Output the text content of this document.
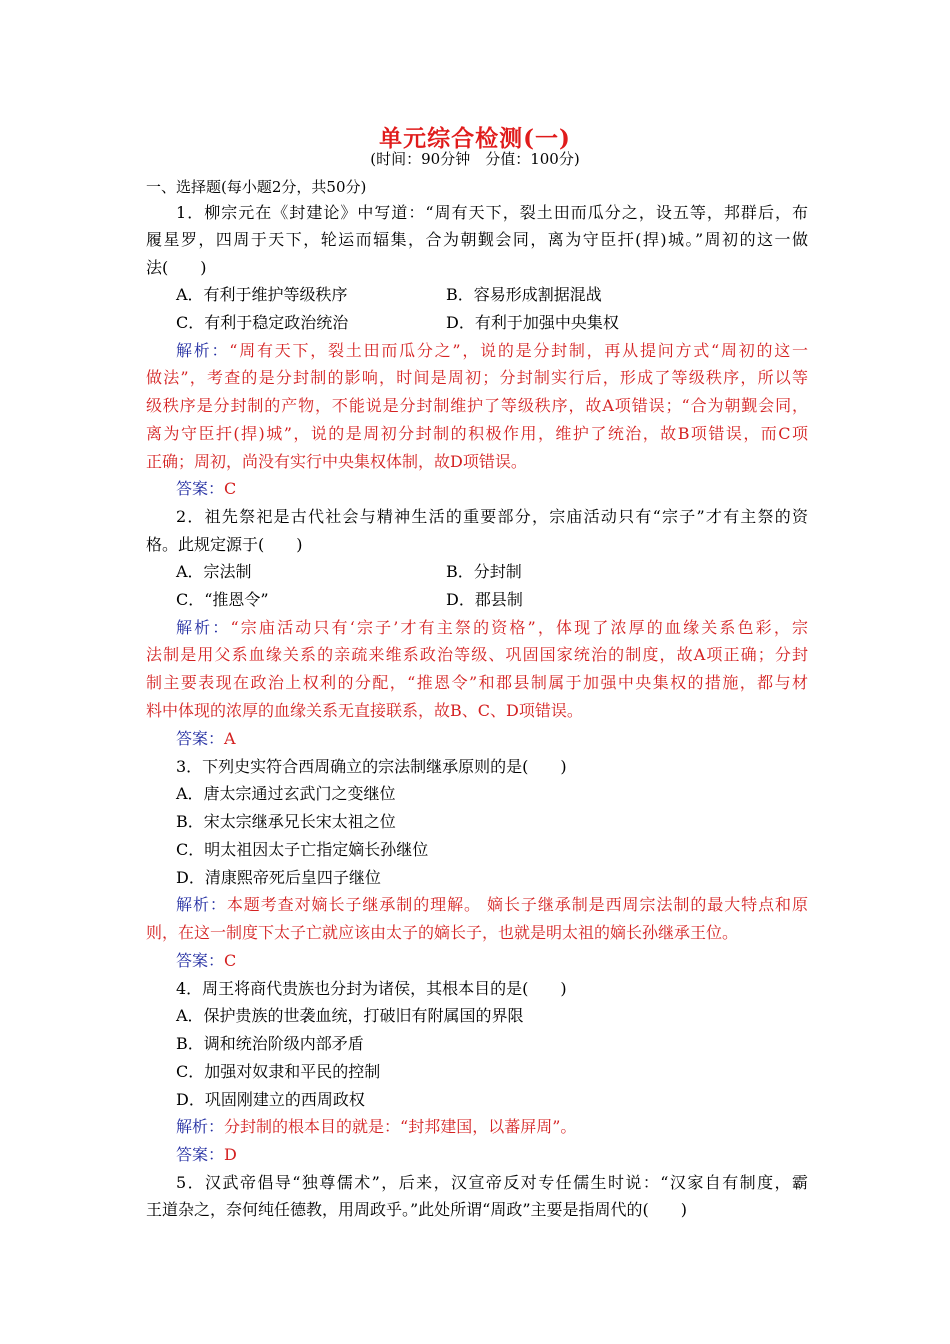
单元综合检测(一)
(时间：90分钟　分值：100分)
一、选择题(每小题2分，共50分)
1．柳宗元在《封建论》中写道：“周有天下，裂土田而瓜分之，设五等，邦群后，布
履星罗，四周于天下，轮运而辐集，合为朝觐会同，离为守臣扞(捍)城。”周初的这一做
法(　　)
A．有利于维护等级秩序	B．容易形成割据混战
C．有利于稳定政治统治	D．有利于加强中央集权
解析：“周有天下，裂土田而瓜分之”，说的是分封制，再从提问方式“周初的这一
做法”，考查的是分封制的影响，时间是周初；分封制实行后，形成了等级秩序，所以等
级秩序是分封制的产物，不能说是分封制维护了等级秩序，故A项错误；“合为朝觐会同，
离为守臣扞(捍)城”，说的是周初分封制的积极作用，维护了统治，故B项错误，而C项
正确；周初，尚没有实行中央集权体制，故D项错误。
答案：C
2．祖先祭祀是古代社会与精神生活的重要部分，宗庙活动只有“宗子”才有主祭的资
格。此规定源于(　　)
A．宗法制	B．分封制
C．“推恩令”	D．郡县制
解析：“宗庙活动只有‘宗子’才有主祭的资格”，体现了浓厚的血缘关系色彩，宗
法制是用父系血缘关系的亲疏来维系政治等级、巩固国家统治的制度，故A项正确；分封
制主要表现在政治上权利的分配，“推恩令”和郡县制属于加强中央集权的措施，都与材
料中体现的浓厚的血缘关系无直接联系，故B、C、D项错误。
答案：A
3．下列史实符合西周确立的宗法制继承原则的是(　　)
A．唐太宗通过玄武门之变继位
B．宋太宗继承兄长宋太祖之位
C．明太祖因太子亡指定嫡长孙继位
D．清康熙帝死后皇四子继位
解析：本题考查对嫡长子继承制的理解。 嫡长子继承制是西周宗法制的最大特点和原
则，在这一制度下太子亡就应该由太子的嫡长子，也就是明太祖的嫡长孙继承王位。
答案：C
4．周王将商代贵族也分封为诸侯，其根本目的是(　　)
A．保护贵族的世袭血统，打破旧有附属国的界限
B．调和统治阶级内部矛盾
C．加强对奴隶和平民的控制
D．巩固刚建立的西周政权
解析：分封制的根本目的就是：“封邦建国，以蕃屏周”。
答案：D
5．汉武帝倡导“独尊儒术”，后来，汉宣帝反对专任儒生时说：“汉家自有制度，霸
王道杂之，奈何纯任德教，用周政乎。”此处所谓“周政”主要是指周代的(　　)
